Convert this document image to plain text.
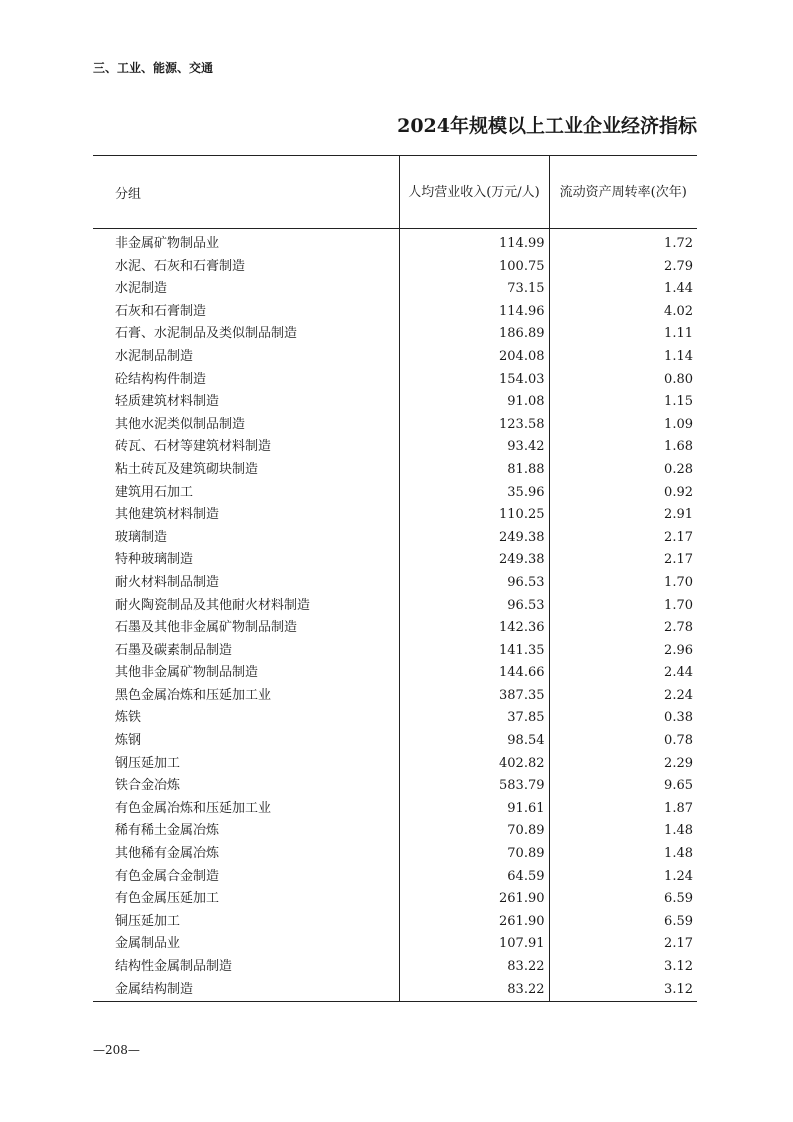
三、工业、能源、交通
2024年规模以上工业企业经济指标
分组	人均营业收入(万元/人)	流动资产周转率(次年)
非金属矿物制品业	114.99	1.72
水泥、石灰和石膏制造	100.75	2.79
水泥制造	73.15	1.44
石灰和石膏制造	114.96	4.02
石膏、水泥制品及类似制品制造	186.89	1.11
水泥制品制造	204.08	1.14
砼结构构件制造	154.03	0.80
轻质建筑材料制造	91.08	1.15
其他水泥类似制品制造	123.58	1.09
砖瓦、石材等建筑材料制造	93.42	1.68
粘土砖瓦及建筑砌块制造	81.88	0.28
建筑用石加工	35.96	0.92
其他建筑材料制造	110.25	2.91
玻璃制造	249.38	2.17
特种玻璃制造	249.38	2.17
耐火材料制品制造	96.53	1.70
耐火陶瓷制品及其他耐火材料制造	96.53	1.70
石墨及其他非金属矿物制品制造	142.36	2.78
石墨及碳素制品制造	141.35	2.96
其他非金属矿物制品制造	144.66	2.44
黑色金属冶炼和压延加工业	387.35	2.24
炼铁	37.85	0.38
炼钢	98.54	0.78
钢压延加工	402.82	2.29
铁合金冶炼	583.79	9.65
有色金属冶炼和压延加工业	91.61	1.87
稀有稀土金属冶炼	70.89	1.48
其他稀有金属冶炼	70.89	1.48
有色金属合金制造	64.59	1.24
有色金属压延加工	261.90	6.59
铜压延加工	261.90	6.59
金属制品业	107.91	2.17
结构性金属制品制造	83.22	3.12
金属结构制造	83.22	3.12
—208—
